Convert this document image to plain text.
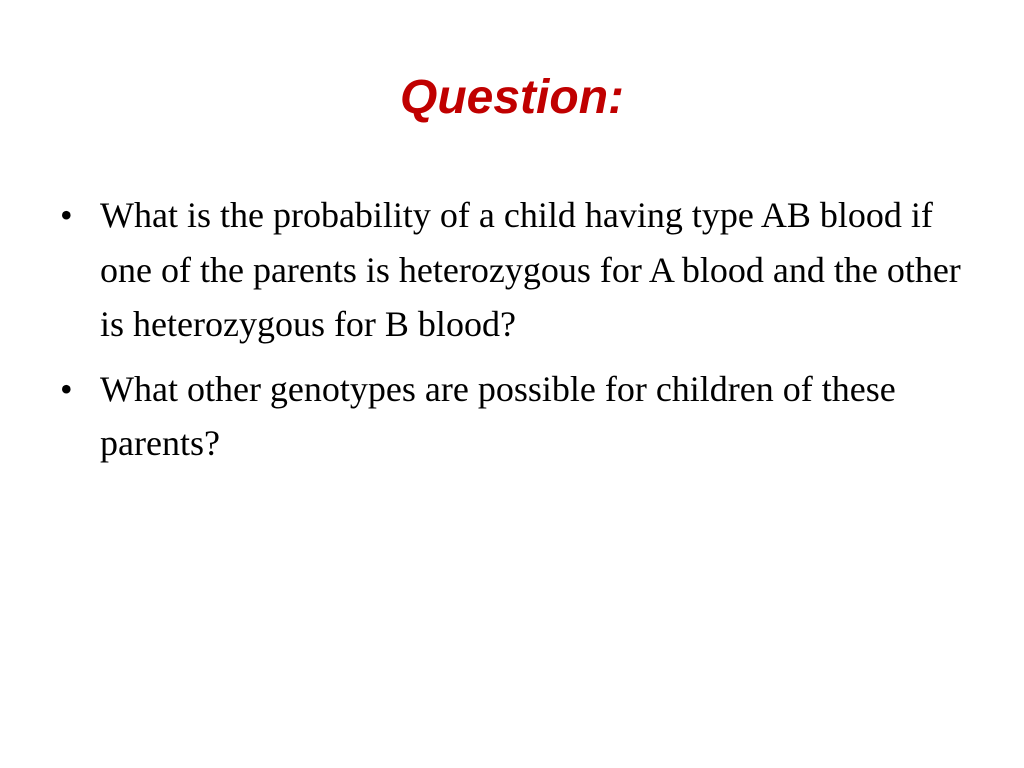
Question:
• What is the probability of a child having type AB blood if one of the parents is heterozygous for A blood and the other is heterozygous for B blood?
• What other genotypes are possible for children of these parents?
